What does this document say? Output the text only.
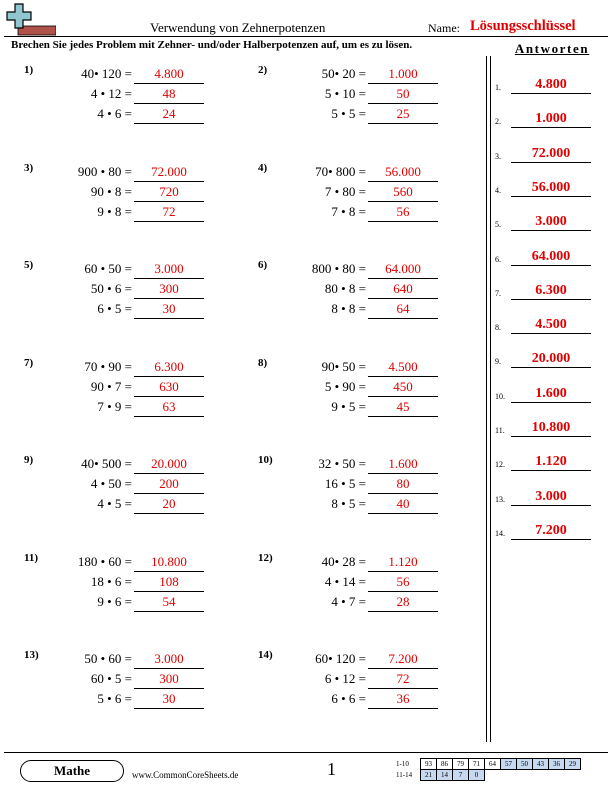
Verwendung von Zehnerpotenzen	Name: Lösungsschlüssel
Brechen Sie jedes Problem mit Zehner- und/oder Halberpotenzen auf, um es zu lösen.	Antworten
1)	40• 120 =	4.800
4 • 12 =	48
4 • 6 =	24
2)	50• 20 =	1.000
5 • 10 =	50
5 • 5 =	25
3)	900 • 80 =	72.000
90 • 8 =	720
9 • 8 =	72
4)	70• 800 =	56.000
7 • 80 =	560
7 • 8 =	56
5)	60 • 50 =	3.000
50 • 6 =	300
6 • 5 =	30
6)	800 • 80 =	64.000
80 • 8 =	640
8 • 8 =	64
7)	70 • 90 =	6.300
90 • 7 =	630
7 • 9 =	63
8)	90• 50 =	4.500
5 • 90 =	450
9 • 5 =	45
9)	40• 500 =	20.000
4 • 50 =	200
4 • 5 =	20
10)	32 • 50 =	1.600
16 • 5 =	80
8 • 5 =	40
11)	180 • 60 =	10.800
18 • 6 =	108
9 • 6 =	54
12)	40• 28 =	1.120
4 • 14 =	56
4 • 7 =	28
13)	50 • 60 =	3.000
60 • 5 =	300
5 • 6 =	30
14)	60• 120 =	7.200
6 • 12 =	72
6 • 6 =	36
1.	4.800
2.	1.000
3.	72.000
4.	56.000
5.	3.000
6.	64.000
7.	6.300
8.	4.500
9.	20.000
10.	1.600
11.	10.800
12.	1.120
13.	3.000
14.	7.200
Mathe	www.CommonCoreSheets.de	1	1-10	93	86	79	71	64	57	50	43	36	29
11-14	21	14	7	0						
